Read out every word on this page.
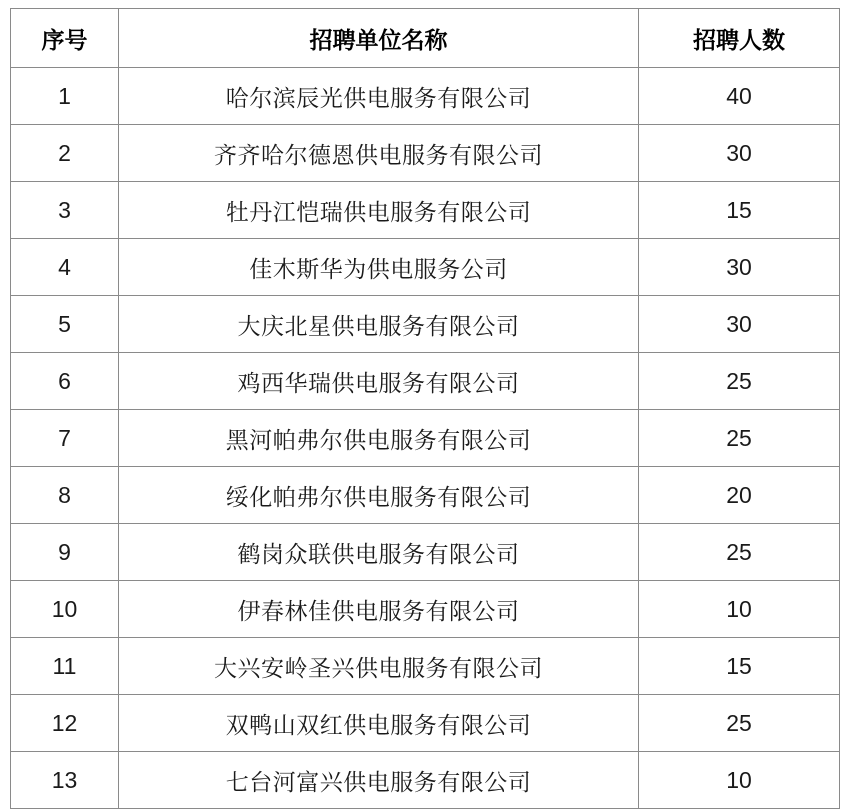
序号	招聘单位名称	招聘人数
1	哈尔滨辰光供电服务有限公司	40
2	齐齐哈尔德恩供电服务有限公司	30
3	牡丹江恺瑞供电服务有限公司	15
4	佳木斯华为供电服务公司	30
5	大庆北星供电服务有限公司	30
6	鸡西华瑞供电服务有限公司	25
7	黑河帕弗尔供电服务有限公司	25
8	绥化帕弗尔供电服务有限公司	20
9	鹤岗众联供电服务有限公司	25
10	伊春林佳供电服务有限公司	10
11	大兴安岭圣兴供电服务有限公司	15
12	双鸭山双红供电服务有限公司	25
13	七台河富兴供电服务有限公司	10
